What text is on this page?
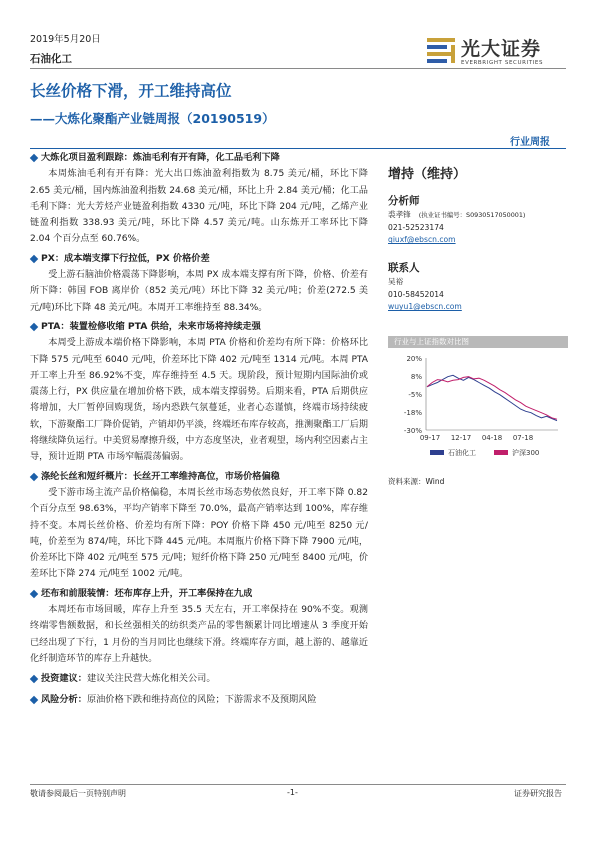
2019年5月20日
石油化工	光大证券
EVERBRIGHT SECURITIES
长丝价格下滑，开工维持高位
——大炼化聚酯产业链周报（20190519）
行业周报
大炼化项目盈利跟踪：炼油毛利有开有降，化工品毛利下降
本周炼油毛利有开有降：光大出口炼油盈利指数为 8.75 美元/桶，环比下降 2.65 美元/桶，国内炼油盈利指数 24.68 美元/桶，环比上升 2.84 美元/桶；化工品毛利下降：光大芳烃产业链盈利指数 4330 元/吨，环比下降 204 元/吨，乙烯产业链盈利指数 338.93 美元/吨，环比下降 4.57 美元/吨。山东炼开工率环比下降 2.04 个百分点至 60.76%。
PX：成本端支撑下行拉低，PX 价格价差
受上游石脑油价格震荡下降影响，本周 PX 成本端支撑有所下降，价格、价差有所下降：韩国 FOB 离岸价（852 美元/吨）环比下降 32 美元/吨；价差(272.5 美元/吨)环比下降 48 美元/吨。本周开工率维持至 88.34%。
PTA：装置检修收缩 PTA 供给，未来市场将持续走强
本周受上游成本端价格下降影响，本周 PTA 价格和价差均有所下降：价格环比下降 575 元/吨至 6040 元/吨，价差环比下降 402 元/吨至 1314 元/吨。本周 PTA 开工率上升至 86.92%不变，库存维持至 4.5 天。现阶段，预计短期内国际油价或震荡上行，PX 供应量在增加价格下跌，成本端支撑弱势。后期来看，PTA 后期供应将增加，大厂暂停回购现货，场内恐跌气氛蔓延，业者心态谨慎，终端市场持续疲软，下游聚酯工厂降价促销，产销却仍平淡，终端坯布库存较高，推测聚酯工厂后期将继续降负运行。中美贸易摩擦升级，中方态度坚决，业者观望，场内利空因素占主导，预计近期 PTA 市场窄幅震荡偏弱。
涤纶长丝和短纤概片：长丝开工率维持高位，市场价格偏稳
受下游市场主流产品价格偏稳，本周长丝市场态势依然良好，开工率下降 0.82 个百分点至 98.63%，平均产销率下降至 70.0%，最高产销率达到 100%，库存维持不变。本周长丝价格、价差均有所下降：POY 价格下降 450 元/吨至 8250 元/吨，价差至为 874/吨，环比下降 445 元/吨。本周瓶片价格下降下降 7900 元/吨，价差环比下降 402 元/吨至 575 元/吨；短纤价格下降 250 元/吨至 8400 元/吨，价差环比下降 274 元/吨至 1002 元/吨。
坯布和前服装情：坯布库存上升，开工率保持在九成
本周坯布市场回暖，库存上升至 35.5 天左右，开工率保持在 90%不变。观测终端零售额数据，和长丝强相关的纺织类产品的零售额累计同比增速从 3 季度开始已经出现了下行，1 月份的当月同比也继续下滑。终端库存方面，越上游的、越靠近化纤制造环节的库存上升越快。
投资建议：建议关注民营大炼化相关公司。
风险分析：原油价格下跌和维持高位的风险；下游需求不及预期风险
增持（维持）
分析师
裘孝锋 (执业证书编号：S0930517050001)
021-52523174
qiuxf@ebscn.com
联系人
吴裕
010-58452014
wuyu1@ebscn.com
行业与上证指数对比图
20%
8%
-5%
-18%
-30%
09-17 12-17 04-18 07-18
石油化工	沪深300
资料来源：Wind
敬请参阅最后一页特别声明	-1-	证券研究报告
